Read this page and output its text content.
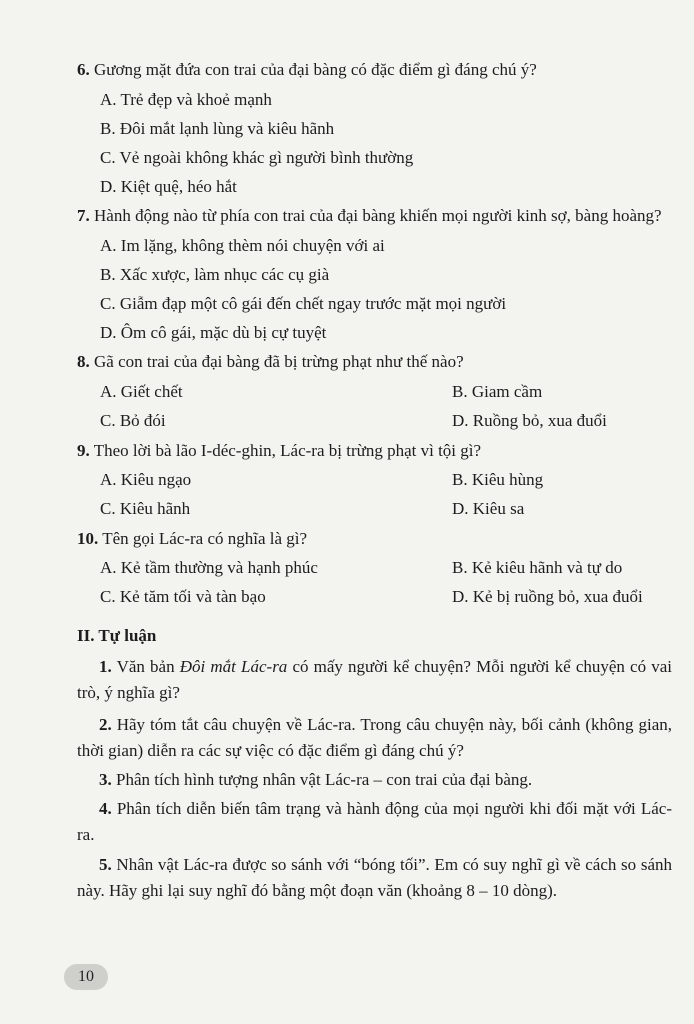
6. Gương mặt đứa con trai của đại bàng có đặc điểm gì đáng chú ý?
A. Trẻ đẹp và khoẻ mạnh
B. Đôi mắt lạnh lùng và kiêu hãnh
C. Vẻ ngoài không khác gì người bình thường
D. Kiệt quệ, héo hắt
7. Hành động nào từ phía con trai của đại bàng khiến mọi người kinh sợ, bàng hoàng?
A. Im lặng, không thèm nói chuyện với ai
B. Xấc xược, làm nhục các cụ già
C. Giẫm đạp một cô gái đến chết ngay trước mặt mọi người
D. Ôm cô gái, mặc dù bị cự tuyệt
8. Gã con trai của đại bàng đã bị trừng phạt như thế nào?
A. Giết chết	B. Giam cầm
C. Bỏ đói	D. Ruồng bỏ, xua đuổi
9. Theo lời bà lão I-déc-ghin, Lác-ra bị trừng phạt vì tội gì?
A. Kiêu ngạo	B. Kiêu hùng
C. Kiêu hãnh	D. Kiêu sa
10. Tên gọi Lác-ra có nghĩa là gì?
A. Kẻ tầm thường và hạnh phúc	B. Kẻ kiêu hãnh và tự do
C. Kẻ tăm tối và tàn bạo	D. Kẻ bị ruồng bỏ, xua đuổi
II. Tự luận
1. Văn bản Đôi mắt Lác-ra có mấy người kể chuyện? Mỗi người kể chuyện có vai trò, ý nghĩa gì?
2. Hãy tóm tắt câu chuyện về Lác-ra. Trong câu chuyện này, bối cảnh (không gian, thời gian) diễn ra các sự việc có đặc điểm gì đáng chú ý?
3. Phân tích hình tượng nhân vật Lác-ra – con trai của đại bàng.
4. Phân tích diễn biến tâm trạng và hành động của mọi người khi đối mặt với Lác-ra.
5. Nhân vật Lác-ra được so sánh với “bóng tối”. Em có suy nghĩ gì về cách so sánh này. Hãy ghi lại suy nghĩ đó bằng một đoạn văn (khoảng 8 – 10 dòng).
10
